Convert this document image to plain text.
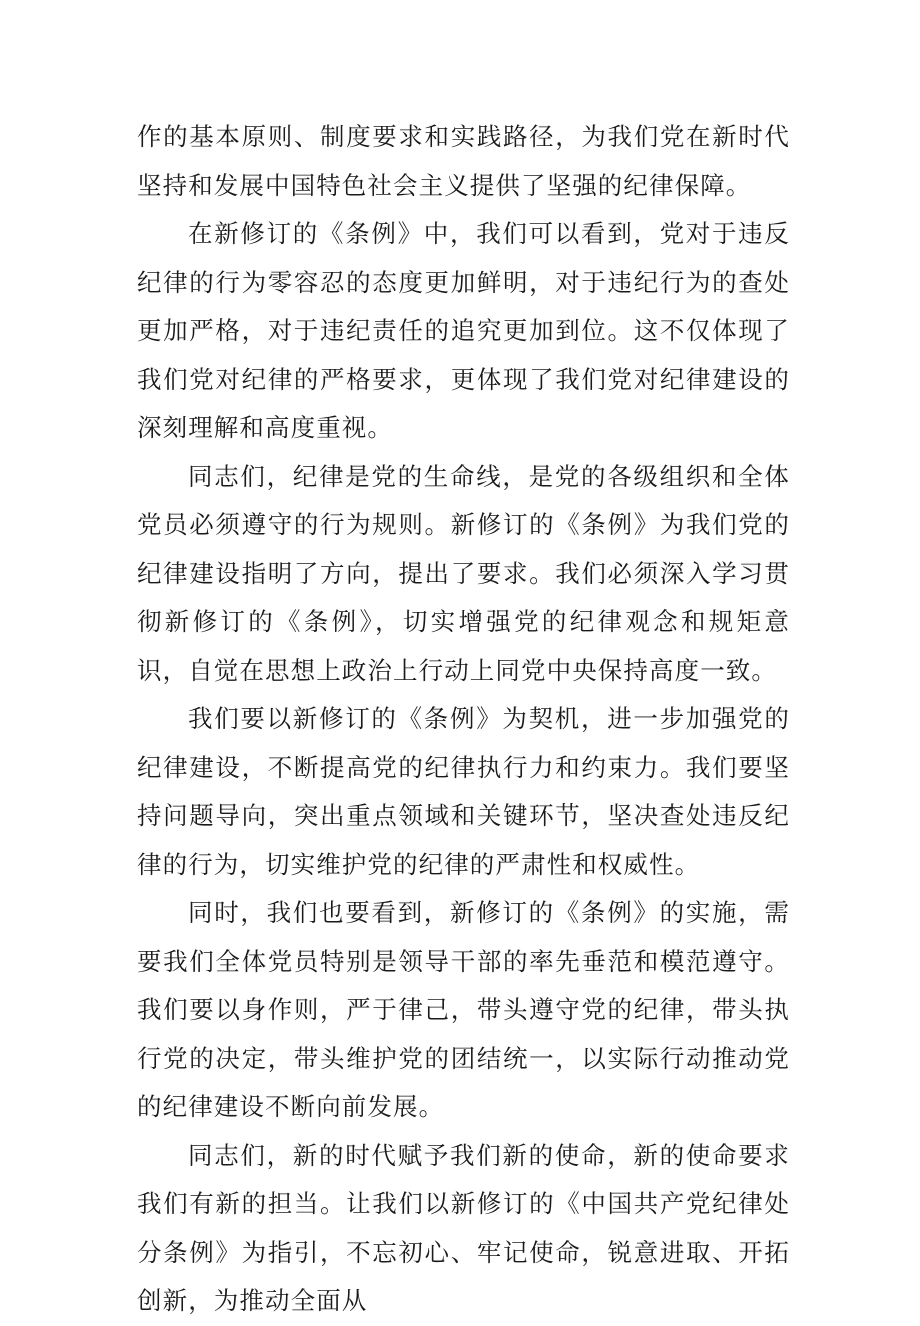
作的基本原则、制度要求和实践路径，为我们党在新时代坚持和发展中国特色社会主义提供了坚强的纪律保障。

在新修订的《条例》中，我们可以看到，党对于违反纪律的行为零容忍的态度更加鲜明，对于违纪行为的查处更加严格，对于违纪责任的追究更加到位。这不仅体现了我们党对纪律的严格要求，更体现了我们党对纪律建设的深刻理解和高度重视。

同志们，纪律是党的生命线，是党的各级组织和全体党员必须遵守的行为规则。新修订的《条例》为我们党的纪律建设指明了方向，提出了要求。我们必须深入学习贯彻新修订的《条例》，切实增强党的纪律观念和规矩意识，自觉在思想上政治上行动上同党中央保持高度一致。

我们要以新修订的《条例》为契机，进一步加强党的纪律建设，不断提高党的纪律执行力和约束力。我们要坚持问题导向，突出重点领域和关键环节，坚决查处违反纪律的行为，切实维护党的纪律的严肃性和权威性。

同时，我们也要看到，新修订的《条例》的实施，需要我们全体党员特别是领导干部的率先垂范和模范遵守。我们要以身作则，严于律己，带头遵守党的纪律，带头执行党的决定，带头维护党的团结统一，以实际行动推动党的纪律建设不断向前发展。

同志们，新的时代赋予我们新的使命，新的使命要求我们有新的担当。让我们以新修订的《中国共产党纪律处分条例》为指引，不忘初心、牢记使命，锐意进取、开拓创新，为推动全面从
